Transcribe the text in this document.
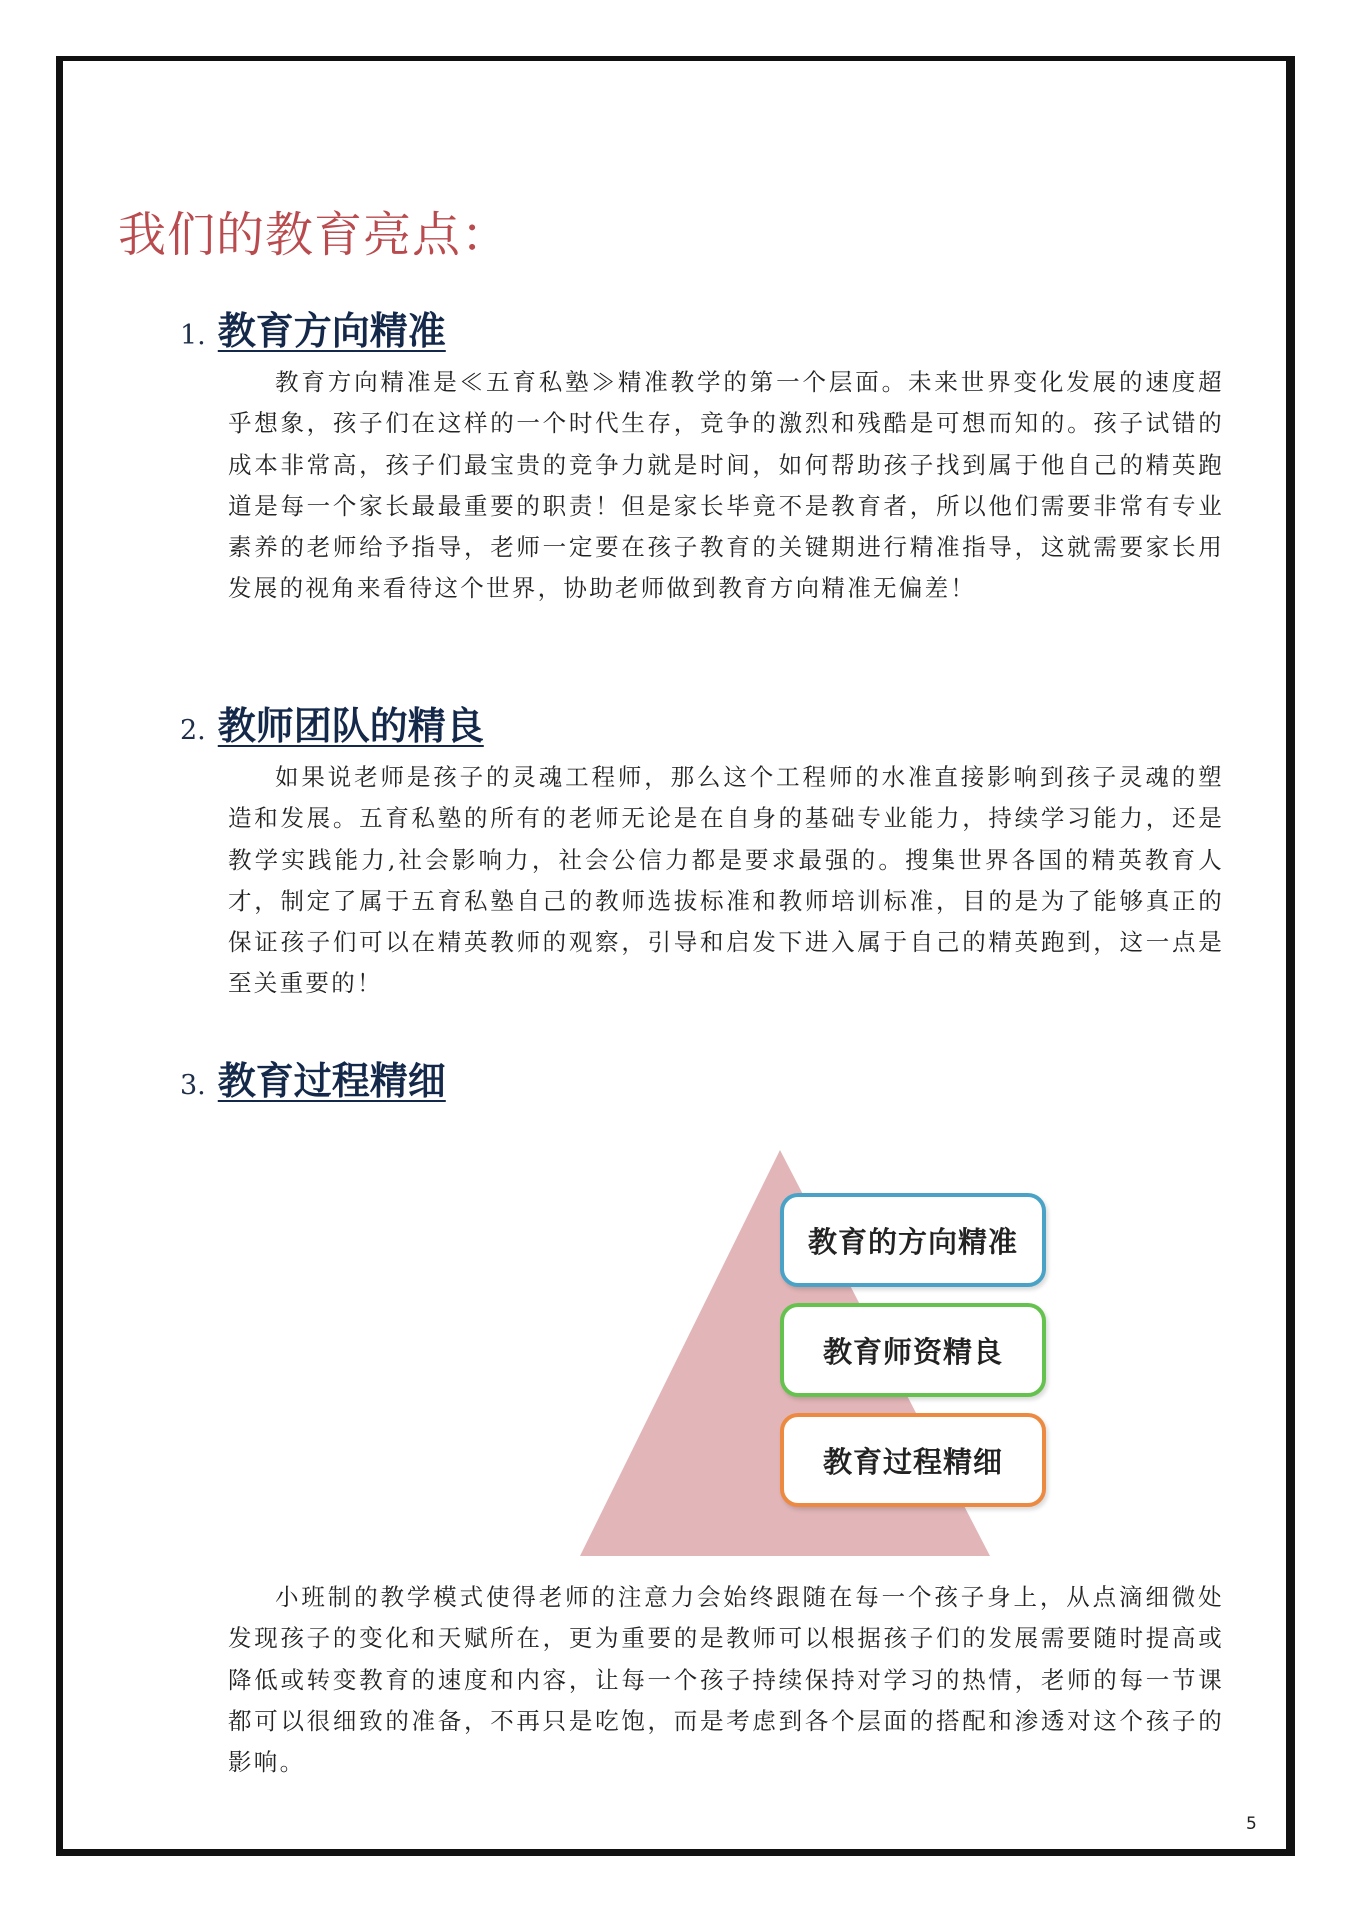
我们的教育亮点：
1. 教育方向精准

教育方向精准是≪五育私塾≫精准教学的第一个层面。未来世界变化发展的速度超乎想象，孩子们在这样的一个时代生存，竞争的激烈和残酷是可想而知的。孩子试错的成本非常高，孩子们最宝贵的竞争力就是时间，如何帮助孩子找到属于他自己的精英跑道是每一个家长最最重要的职责！但是家长毕竟不是教育者，所以他们需要非常有专业素养的老师给予指导，老师一定要在孩子教育的关键期进行精准指导，这就需要家长用发展的视角来看待这个世界，协助老师做到教育方向精准无偏差！

2. 教师团队的精良

如果说老师是孩子的灵魂工程师，那么这个工程师的水准直接影响到孩子灵魂的塑造和发展。五育私塾的所有的老师无论是在自身的基础专业能力，持续学习能力，还是教学实践能力,社会影响力，社会公信力都是要求最强的。搜集世界各国的精英教育人才，制定了属于五育私塾自己的教师选拔标准和教师培训标准，目的是为了能够真正的保证孩子们可以在精英教师的观察，引导和启发下进入属于自己的精英跑到，这一点是至关重要的！

3. 教育过程精细
教育的方向精准
教育师资精良
教育过程精细

小班制的教学模式使得老师的注意力会始终跟随在每一个孩子身上，从点滴细微处发现孩子的变化和天赋所在，更为重要的是教师可以根据孩子们的发展需要随时提高或降低或转变教育的速度和内容，让每一个孩子持续保持对学习的热情，老师的每一节课都可以很细致的准备，不再只是吃饱，而是考虑到各个层面的搭配和渗透对这个孩子的影响。

5
